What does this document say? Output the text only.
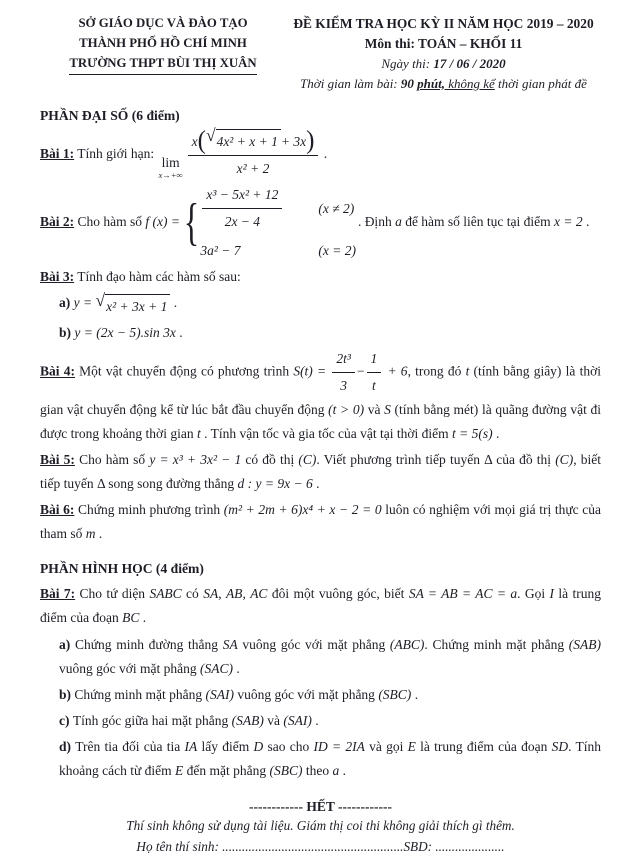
SỞ GIÁO DỤC VÀ ĐÀO TẠO
THÀNH PHỐ HỒ CHÍ MINH
TRƯỜNG THPT BÙI THỊ XUÂN
ĐỀ KIỂM TRA HỌC KỲ II NĂM HỌC 2019 – 2020
Môn thi: TOÁN – KHỐI 11
Ngày thi: 17 / 06 / 2020
Thời gian làm bài: 90 phút, không kể thời gian phát đề
PHẦN ĐẠI SỐ (6 điểm)
Bài 1: Tính giới hạn:
lim
$x\to+\infty \frac{\text{x ( √ 4x² + x + 1 + 3x )}}{\text{x² + 2}}$ .
Bài 2: Cho hàm số f (x) = { $\frac{\text{x³ − 5x² + 12}}{2x - 4}$	(x ≠ 2)
3a² − 7	(x = 2)
. Định a để hàm số liên tục tại điểm x = 2 .
Bài 3: Tính đạo hàm các hàm số sau:
a) y = √ x² + 3x + 1 .
b) y = (2x − 5).sin 3x .
Bài 4: Một vật chuyển động có phương trình $S(t) = \frac{\text{2t³}}{3} - \frac{1}{t} + 6$, trong đó t (tính bằng giây) là thời gian vật chuyển động kể từ lúc bắt đầu chuyển động (t > 0) và S (tính bằng mét) là quãng đường vật đi được trong khoảng thời gian t . Tính vận tốc và gia tốc của vật tại thời điểm t = 5(s) .
Bài 5: Cho hàm số y = x³ + 3x² − 1 có đồ thị (C). Viết phương trình tiếp tuyến Δ của đồ thị (C), biết tiếp tuyến Δ song song đường thẳng d : y = 9x − 6 .
Bài 6: Chứng minh phương trình (m² + 2m + 6)x⁴ + x − 2 = 0 luôn có nghiệm với mọi giá trị thực của tham số m .
PHẦN HÌNH HỌC (4 điểm)
Bài 7: Cho tứ diện SABC có SA, AB, AC đôi một vuông góc, biết SA = AB = AC = a. Gọi I là trung điểm của đoạn BC .
a) Chứng minh đường thẳng SA vuông góc với mặt phẳng (ABC). Chứng minh mặt phẳng (SAB) vuông góc với mặt phẳng (SAC) .
b) Chứng minh mặt phẳng (SAI) vuông góc với mặt phẳng (SBC) .
c) Tính góc giữa hai mặt phẳng (SAB) và (SAI) .
d) Trên tia đối của tia IA lấy điểm D sao cho ID = 2IA và gọi E là trung điểm của đoạn SD. Tính khoảng cách từ điểm E đến mặt phẳng (SBC) theo a .
------------ HẾT ------------
Thí sinh không sử dụng tài liệu. Giám thị coi thi không giải thích gì thêm.
Họ tên thí sinh: .......................................................SBD: .....................
